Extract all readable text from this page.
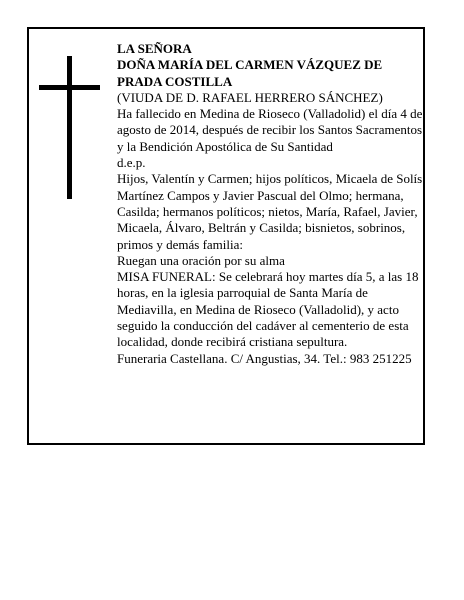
LA SEÑORA

DOÑA MARÍA DEL CARMEN VÁZQUEZ DE PRADA COSTILLA

(VIUDA DE D. RAFAEL HERRERO SÁNCHEZ)

Ha fallecido en Medina de Rioseco (Valladolid) el día 4 de agosto de 2014, después de recibir los Santos Sacramentos y la Bendición Apostólica de Su Santidad

d.e.p.

Hijos, Valentín y Carmen; hijos políticos, Micaela de Solís Martínez Campos y Javier Pascual del Olmo; hermana, Casilda; hermanos políticos; nietos, María, Rafael, Javier, Micaela, Álvaro, Beltrán y Casilda; bisnietos, sobrinos, primos y demás familia:

Ruegan una oración por su alma

MISA FUNERAL: Se celebrará hoy martes día 5, a las 18 horas, en la iglesia parroquial de Santa María de Mediavilla, en Medina de Rioseco (Valladolid), y acto seguido la conducción del cadáver al cementerio de esta localidad, donde recibirá cristiana sepultura.

Funeraria Castellana. C/ Angustias, 34. Tel.: 983 251225
